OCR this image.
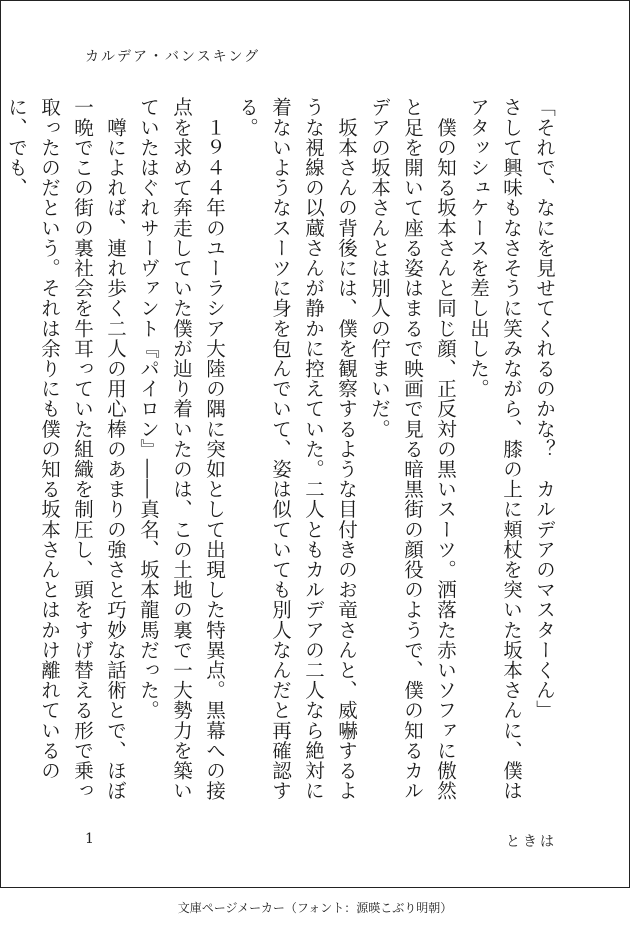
カルデア・バンスキング

「それで、なにを見せてくれるのかな？　カルデアのマスターくん」

さして興味もなさそうに笑みながら、膝の上に頬杖を突いた坂本さんに、僕はアタッシュケースを差し出した。

　僕の知る坂本さんと同じ顔、正反対の黒いスーツ。洒落た赤いソファに傲然と足を開いて座る姿はまるで映画で見る暗黒街の顔役のようで、僕の知るカルデアの坂本さんとは別人の佇まいだ。

　坂本さんの背後には、僕を観察するような目付きのお竜さんと、威嚇するような視線の以蔵さんが静かに控えていた。二人ともカルデアの二人なら絶対に着ないようなスーツに身を包んでいて、姿は似ていても別人なんだと再確認する。

　１９４４年のユーラシア大陸の隅に突如として出現した特異点。黒幕への接点を求めて奔走していた僕が辿り着いたのは、この土地の裏で一大勢力を築いていたはぐれサーヴァント『パイロン』――真名、坂本龍馬だった。

　噂によれば、連れ歩く二人の用心棒のあまりの強さと巧妙な話術とで、ほぼ一晩でこの街の裏社会を牛耳っていた組織を制圧し、頭をすげ替える形で乗っ取ったのだという。それは余りにも僕の知る坂本さんとはかけ離れているのに、でも、

1	ときは
文庫ページメーカー（フォント：源暎こぶり明朝）
